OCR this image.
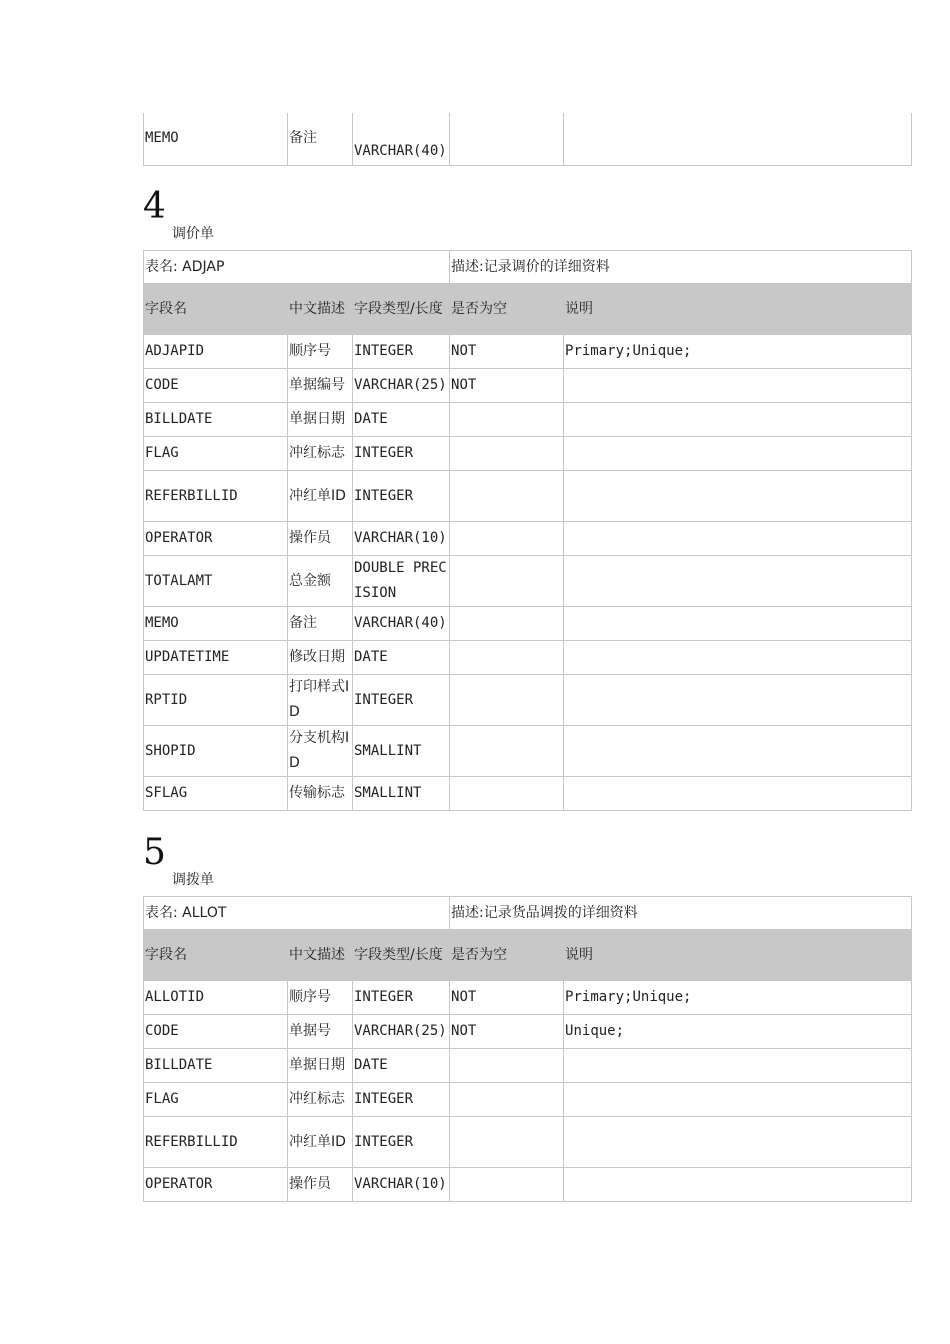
MEMO	备注	VARCHAR(40)		
4
调价单
表名: ADJAP			描述:记录调价的详细资料	
字段名	中文描述	字段类型/长度	是否为空	说明
ADJAPID	顺序号	INTEGER	NOT	Primary;Unique;
CODE	单据编号	VARCHAR(25)	NOT	
BILLDATE	单据日期	DATE		
FLAG	冲红标志	INTEGER		
REFERBILLID	冲红单ID	INTEGER		
OPERATOR	操作员	VARCHAR(10)		
TOTALAMT	总金额	DOUBLE PRECISION		
MEMO	备注	VARCHAR(40)		
UPDATETIME	修改日期	DATE		
RPTID	打印样式ID	INTEGER		
SHOPID	分支机构ID	SMALLINT		
SFLAG	传输标志	SMALLINT		
5
调拨单
表名: ALLOT			描述:记录货品调拨的详细资料	
字段名	中文描述	字段类型/长度	是否为空	说明
ALLOTID	顺序号	INTEGER	NOT	Primary;Unique;
CODE	单据号	VARCHAR(25)	NOT	Unique;
BILLDATE	单据日期	DATE		
FLAG	冲红标志	INTEGER		
REFERBILLID	冲红单ID	INTEGER		
OPERATOR	操作员	VARCHAR(10)		
